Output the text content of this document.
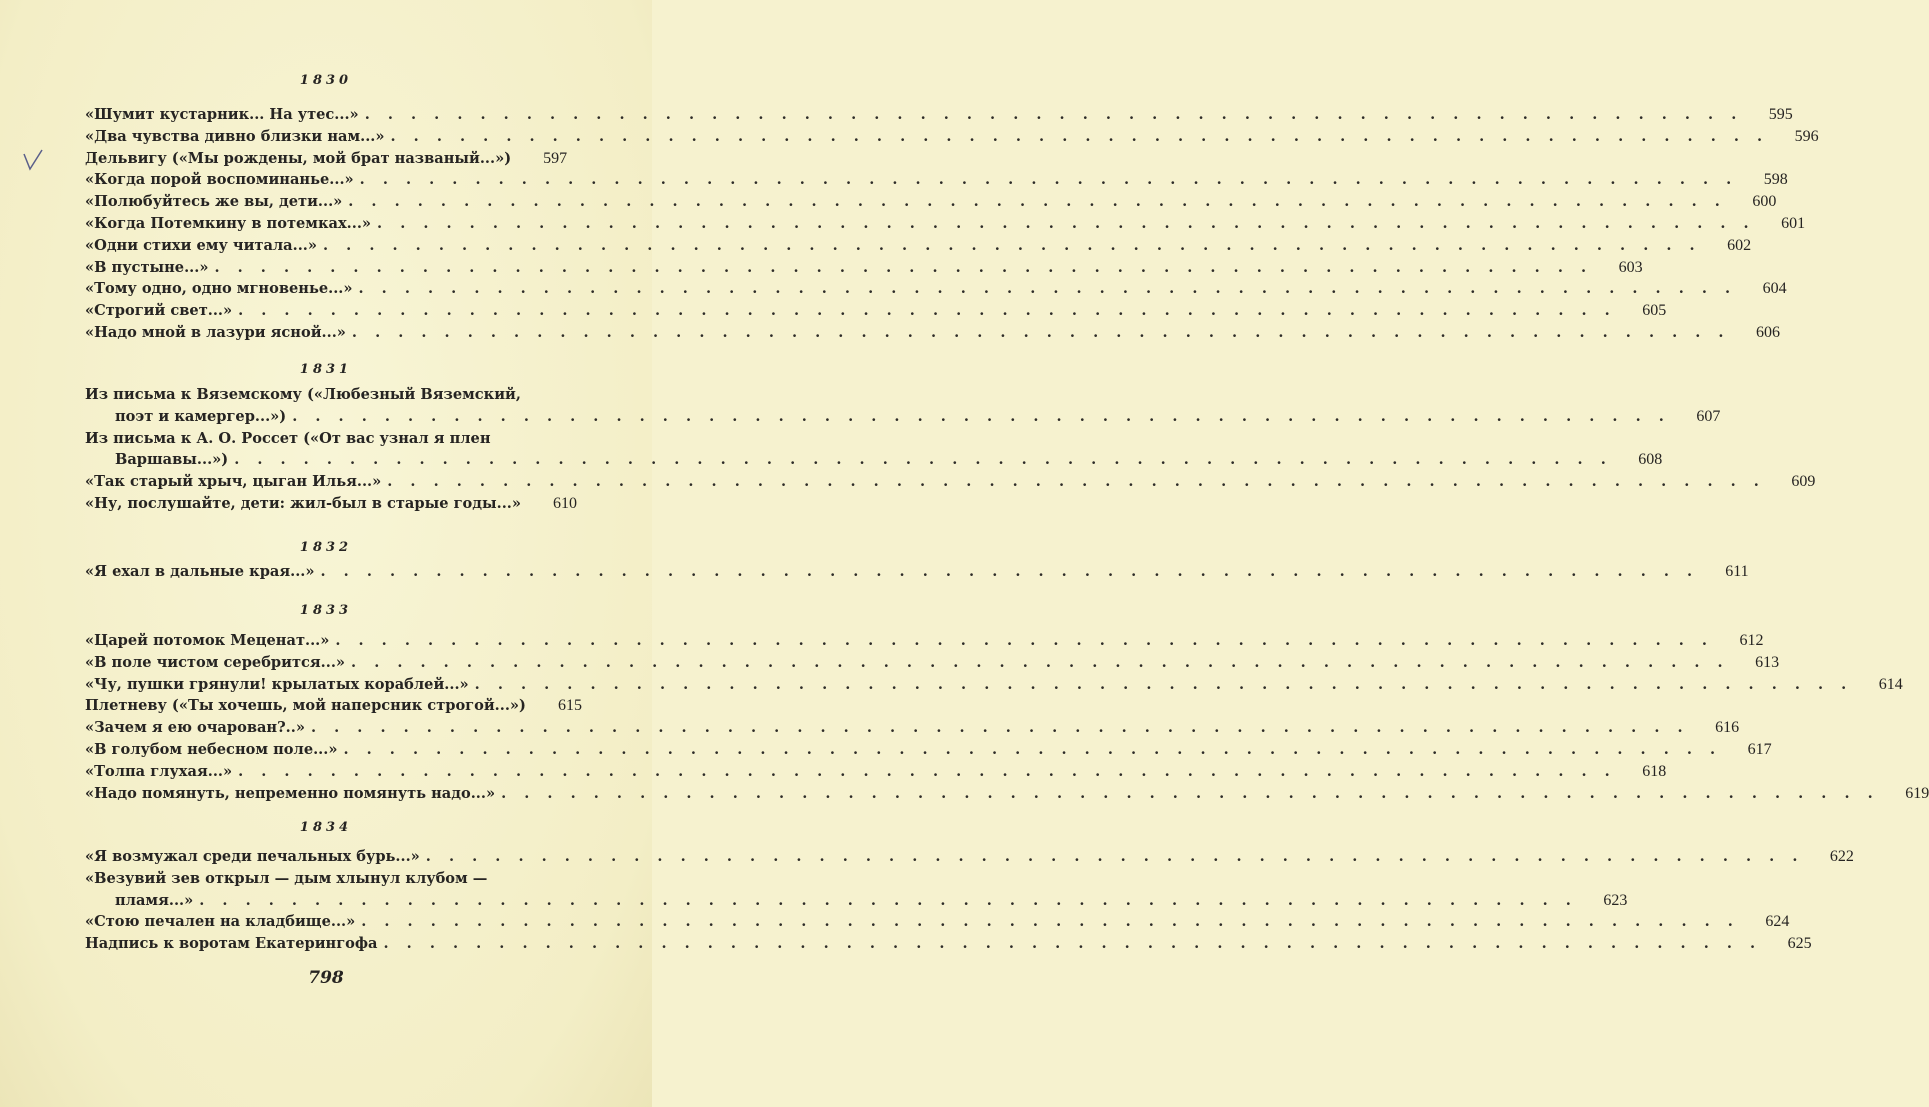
1830
«Шумит кустарник... На утес...» . . . . . . . . . . . . . . . . . . . . . . . . . . . . . . . . . . . . . . . . . . . . . . . . . . . . . . . . . . . .	595
«Два чувства дивно близки нам...» . . . . . . . . . . . . . . . . . . . . . . . . . . . . . . . . . . . . . . . . . . . . . . . . . . . . . . . . . . . .	596
Дельвигу («Мы рождены, мой брат названый...»)	597
«Когда порой воспоминанье...» . . . . . . . . . . . . . . . . . . . . . . . . . . . . . . . . . . . . . . . . . . . . . . . . . . . . . . . . . . . .	598
«Полюбуйтесь же вы, дети...» . . . . . . . . . . . . . . . . . . . . . . . . . . . . . . . . . . . . . . . . . . . . . . . . . . . . . . . . . . . .	600
«Когда Потемкину в потемках...» . . . . . . . . . . . . . . . . . . . . . . . . . . . . . . . . . . . . . . . . . . . . . . . . . . . . . . . . . . . .	601
«Одни стихи ему читала...» . . . . . . . . . . . . . . . . . . . . . . . . . . . . . . . . . . . . . . . . . . . . . . . . . . . . . . . . . . . .	602
«В пустыне...» . . . . . . . . . . . . . . . . . . . . . . . . . . . . . . . . . . . . . . . . . . . . . . . . . . . . . . . . . . . .	603
«Тому одно, одно мгновенье...» . . . . . . . . . . . . . . . . . . . . . . . . . . . . . . . . . . . . . . . . . . . . . . . . . . . . . . . . . . . .	604
«Строгий свет...» . . . . . . . . . . . . . . . . . . . . . . . . . . . . . . . . . . . . . . . . . . . . . . . . . . . . . . . . . . . .	605
«Надо мной в лазури ясной...» . . . . . . . . . . . . . . . . . . . . . . . . . . . . . . . . . . . . . . . . . . . . . . . . . . . . . . . . . . . .	606
1831
Из письма к Вяземскому («Любезный Вяземский,
поэт и камергер...») . . . . . . . . . . . . . . . . . . . . . . . . . . . . . . . . . . . . . . . . . . . . . . . . . . . . . . . . . . . .	607
Из письма к А. О. Россет («От вас узнал я плен
Варшавы...») . . . . . . . . . . . . . . . . . . . . . . . . . . . . . . . . . . . . . . . . . . . . . . . . . . . . . . . . . . . .	608
«Так старый хрыч, цыган Илья...» . . . . . . . . . . . . . . . . . . . . . . . . . . . . . . . . . . . . . . . . . . . . . . . . . . . . . . . . . . . .	609
«Ну, послушайте, дети: жил-был в старые годы...»	610
1832
«Я ехал в дальные края...» . . . . . . . . . . . . . . . . . . . . . . . . . . . . . . . . . . . . . . . . . . . . . . . . . . . . . . . . . . . .	611
1833
«Царей потомок Меценат...» . . . . . . . . . . . . . . . . . . . . . . . . . . . . . . . . . . . . . . . . . . . . . . . . . . . . . . . . . . . .	612
«В поле чистом серебрится...» . . . . . . . . . . . . . . . . . . . . . . . . . . . . . . . . . . . . . . . . . . . . . . . . . . . . . . . . . . . .	613
«Чу, пушки грянули! крылатых кораблей...» . . . . . . . . . . . . . . . . . . . . . . . . . . . . . . . . . . . . . . . . . . . . . . . . . . . . . . . . . . . .	614
Плетневу («Ты хочешь, мой наперсник строгой...»)	615
«Зачем я ею очарован?..» . . . . . . . . . . . . . . . . . . . . . . . . . . . . . . . . . . . . . . . . . . . . . . . . . . . . . . . . . . . .	616
«В голубом небесном поле...» . . . . . . . . . . . . . . . . . . . . . . . . . . . . . . . . . . . . . . . . . . . . . . . . . . . . . . . . . . . .	617
«Толпа глухая...» . . . . . . . . . . . . . . . . . . . . . . . . . . . . . . . . . . . . . . . . . . . . . . . . . . . . . . . . . . . .	618
«Надо помянуть, непременно помянуть надо...» . . . . . . . . . . . . . . . . . . . . . . . . . . . . . . . . . . . . . . . . . . . . . . . . . . . . . . . . . . . .	619
1834
«Я возмужал среди печальных бурь...» . . . . . . . . . . . . . . . . . . . . . . . . . . . . . . . . . . . . . . . . . . . . . . . . . . . . . . . . . . . .	622
«Везувий зев открыл — дым хлынул клубом —
пламя...» . . . . . . . . . . . . . . . . . . . . . . . . . . . . . . . . . . . . . . . . . . . . . . . . . . . . . . . . . . . .	623
«Стою печален на кладбище...» . . . . . . . . . . . . . . . . . . . . . . . . . . . . . . . . . . . . . . . . . . . . . . . . . . . . . . . . . . . .	624
Надпись к воротам Екатерингофа . . . . . . . . . . . . . . . . . . . . . . . . . . . . . . . . . . . . . . . . . . . . . . . . . . . . . . . . . . . .	625
798
